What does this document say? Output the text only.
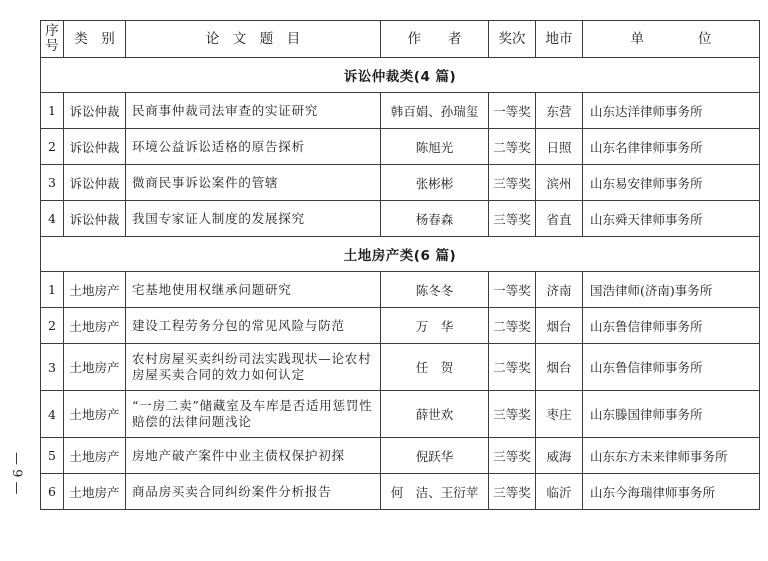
— 9 —
序号	类　别	论　文　题　目	作　　者	奖次	地市	单　　　　位
诉讼仲裁类(4 篇)						
1	诉讼仲裁	民商事仲裁司法审查的实证研究	韩百娟、孙瑞玺	一等奖	东营	山东达洋律师事务所
2	诉讼仲裁	环境公益诉讼适格的原告探析	陈旭光	二等奖	日照	山东名律律师事务所
3	诉讼仲裁	微商民事诉讼案件的管辖	张彬彬	三等奖	滨州	山东易安律师事务所
4	诉讼仲裁	我国专家证人制度的发展探究	杨春森	三等奖	省直	山东舜天律师事务所
土地房产类(6 篇)						
1	土地房产	宅基地使用权继承问题研究	陈冬冬	一等奖	济南	国浩律师(济南)事务所
2	土地房产	建设工程劳务分包的常见风险与防范	万　华	二等奖	烟台	山东鲁信律师事务所
3	土地房产	农村房屋买卖纠纷司法实践现状—论农村房屋买卖合同的效力如何认定	任　贺	二等奖	烟台	山东鲁信律师事务所
4	土地房产	“一房二卖”储藏室及车库是否适用惩罚性赔偿的法律问题浅论	薛世欢	三等奖	枣庄	山东滕国律师事务所
5	土地房产	房地产破产案件中业主债权保护初探	倪跃华	三等奖	威海	山东东方未来律师事务所
6	土地房产	商品房买卖合同纠纷案件分析报告	何　洁、王衍苹	三等奖	临沂	山东今海瑞律师事务所
